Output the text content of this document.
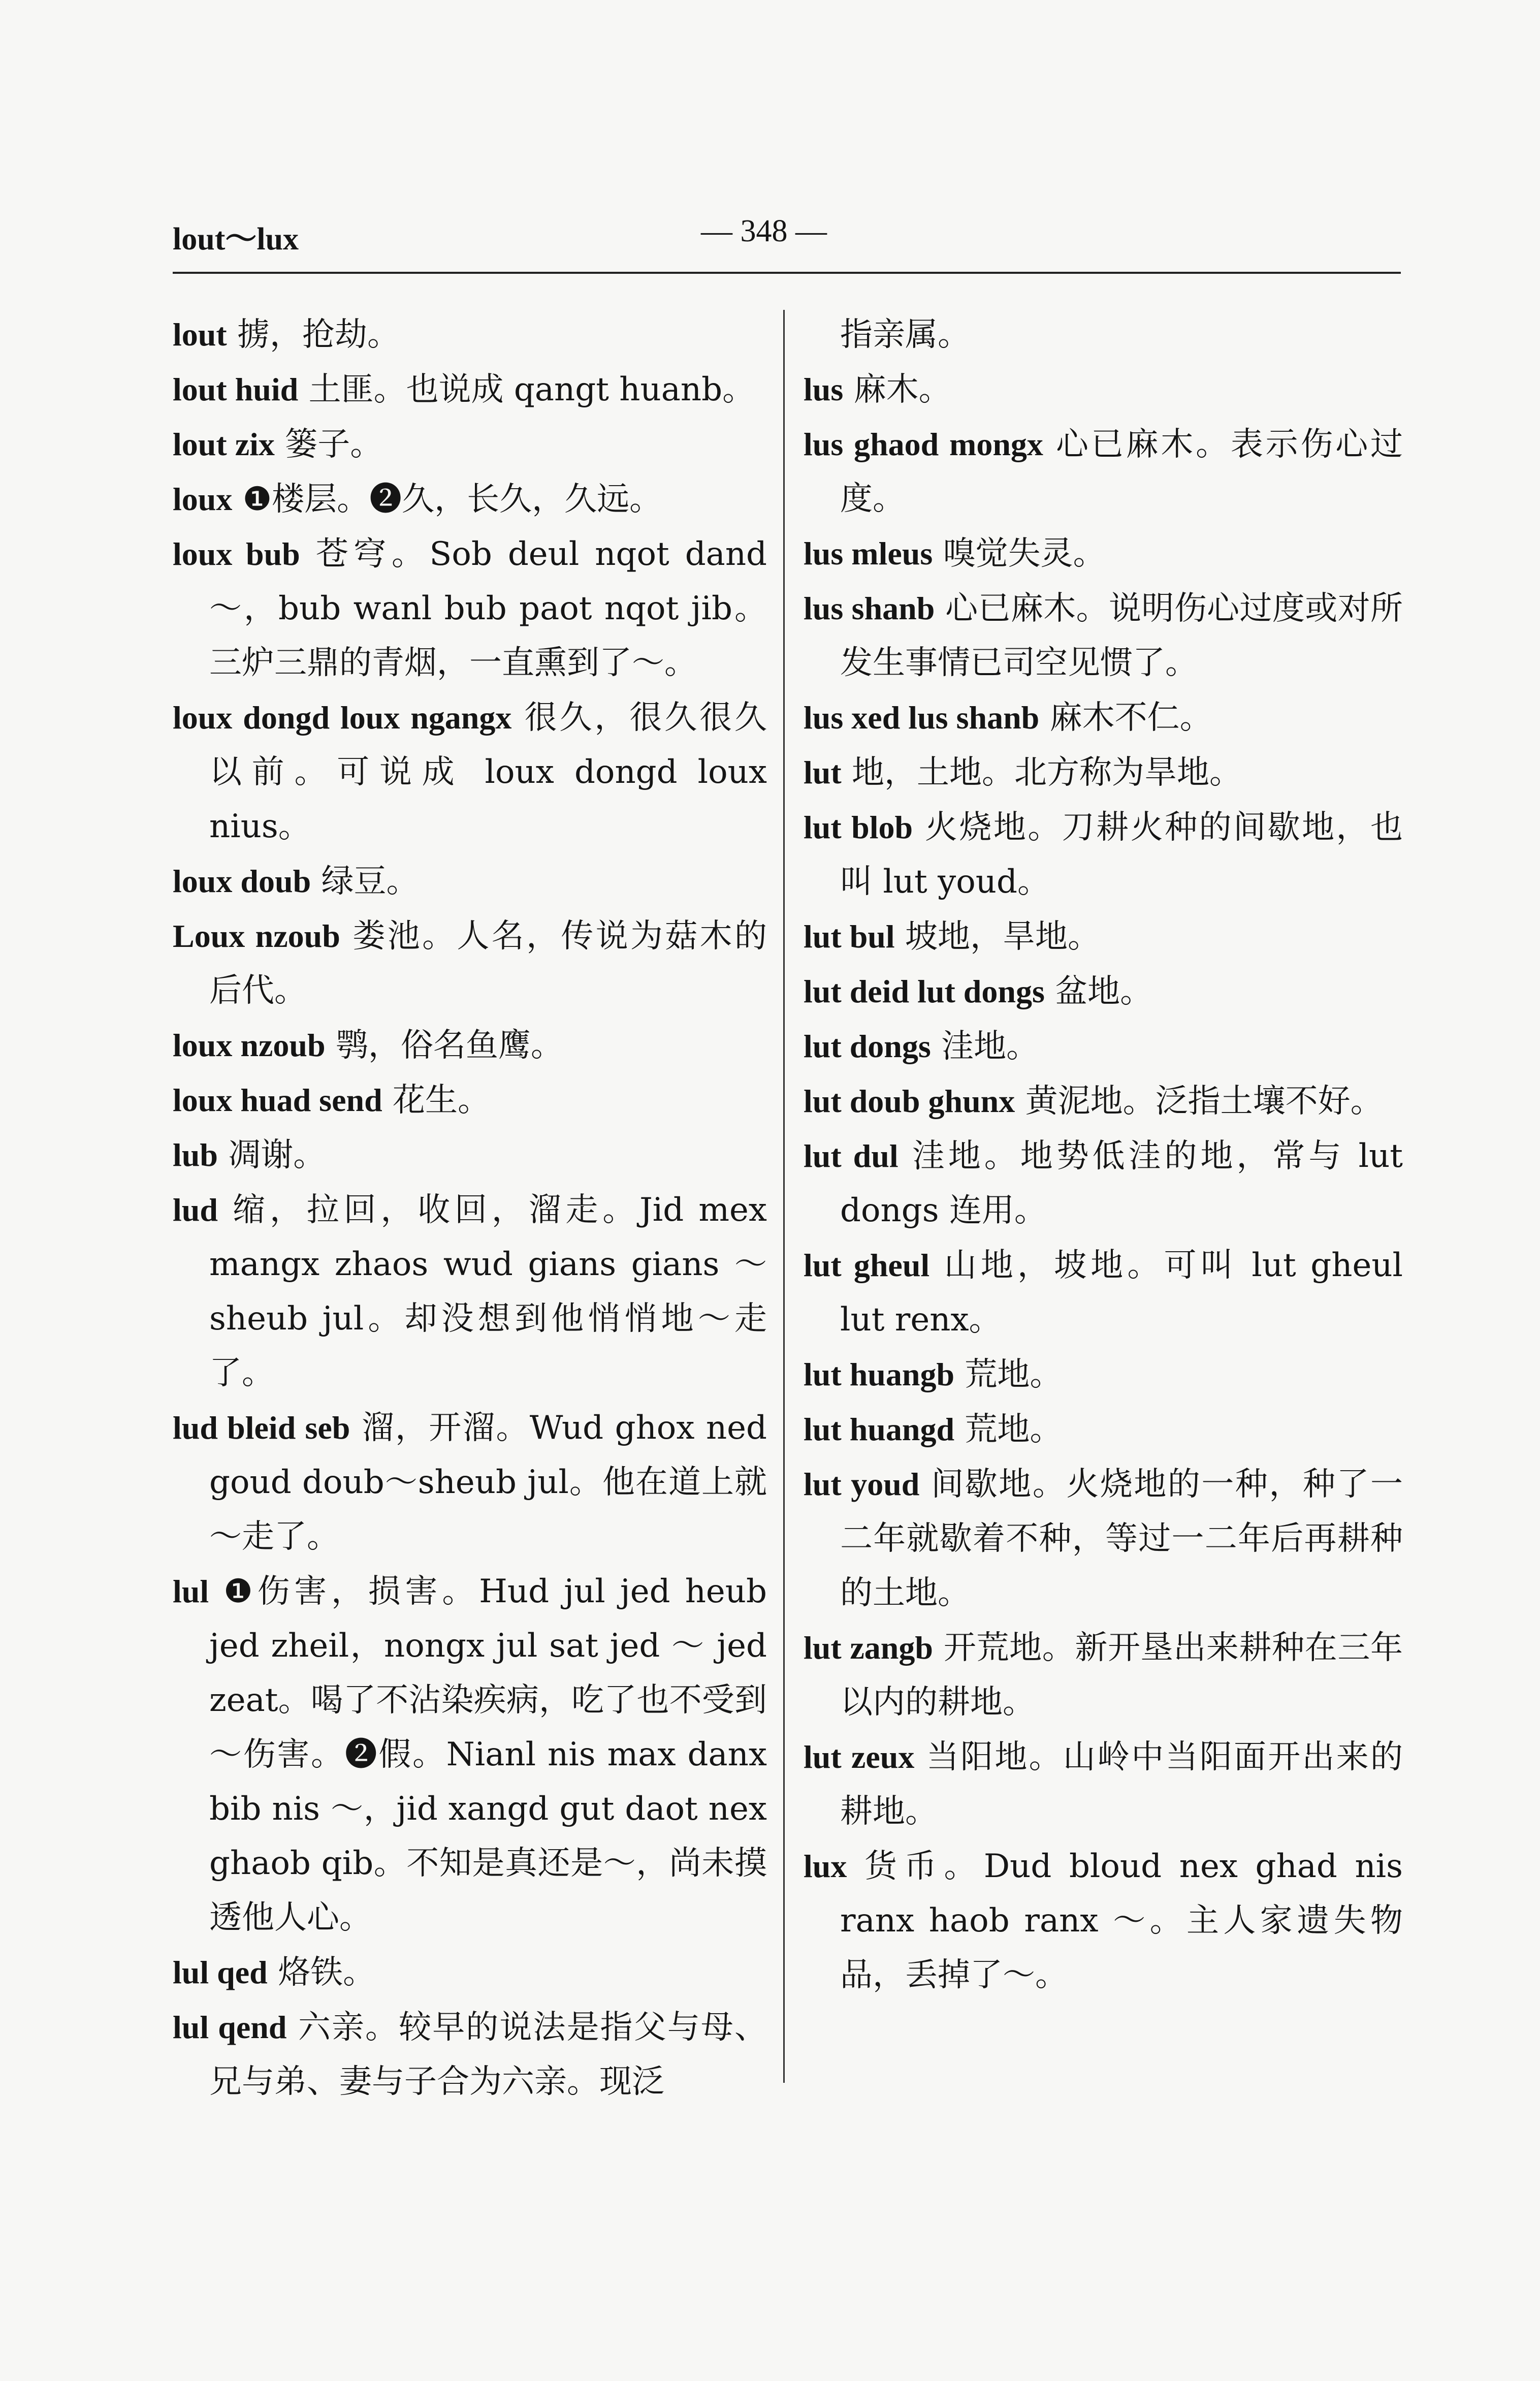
lout～lux	— 348 —
lout 掳，抢劫。
lout huid 土匪。也说成 qangt huanb。
lout zix 篓子。
loux ❶楼层。❷久，长久，久远。
loux bub 苍穹。Sob deul nqot dand ～，bub wanl bub paot nqot jib。三炉三鼎的青烟，一直熏到了～。
loux dongd loux ngangx 很久，很久很久以前。可说成 loux dongd loux nius。
loux doub 绿豆。
Loux nzoub 娄池。人名，传说为菇木的后代。
loux nzoub 鹗，俗名鱼鹰。
loux huad send 花生。
lub 凋谢。
lud 缩，拉回，收回，溜走。Jid mex mangx zhaos wud gians gians ～ sheub jul。却没想到他悄悄地～走了。
lud bleid seb 溜，开溜。Wud ghox ned goud doub～sheub jul。他在道上就～走了。
lul ❶伤害，损害。Hud jul jed heub jed zheil，nongx jul sat jed ～ jed zeat。喝了不沾染疾病，吃了也不受到～伤害。❷假。Nianl nis max danx bib nis ～，jid xangd gut daot nex ghaob qib。不知是真还是～，尚未摸透他人心。
lul qed 烙铁。
lul qend 六亲。较早的说法是指父与母、兄与弟、妻与子合为六亲。现泛
指亲属。
lus 麻木。
lus ghaod mongx 心已麻木。表示伤心过度。
lus mleus 嗅觉失灵。
lus shanb 心已麻木。说明伤心过度或对所发生事情已司空见惯了。
lus xed lus shanb 麻木不仁。
lut 地，土地。北方称为旱地。
lut blob 火烧地。刀耕火种的间歇地，也叫 lut youd。
lut bul 坡地，旱地。
lut deid lut dongs 盆地。
lut dongs 洼地。
lut doub ghunx 黄泥地。泛指土壤不好。
lut dul 洼地。地势低洼的地，常与 lut dongs 连用。
lut gheul 山地，坡地。可叫 lut gheul lut renx。
lut huangb 荒地。
lut huangd 荒地。
lut youd 间歇地。火烧地的一种，种了一二年就歇着不种，等过一二年后再耕种的土地。
lut zangb 开荒地。新开垦出来耕种在三年以内的耕地。
lut zeux 当阳地。山岭中当阳面开出来的耕地。
lux 货币。Dud bloud nex ghad nis ranx haob ranx ～。主人家遗失物品，丢掉了～。
